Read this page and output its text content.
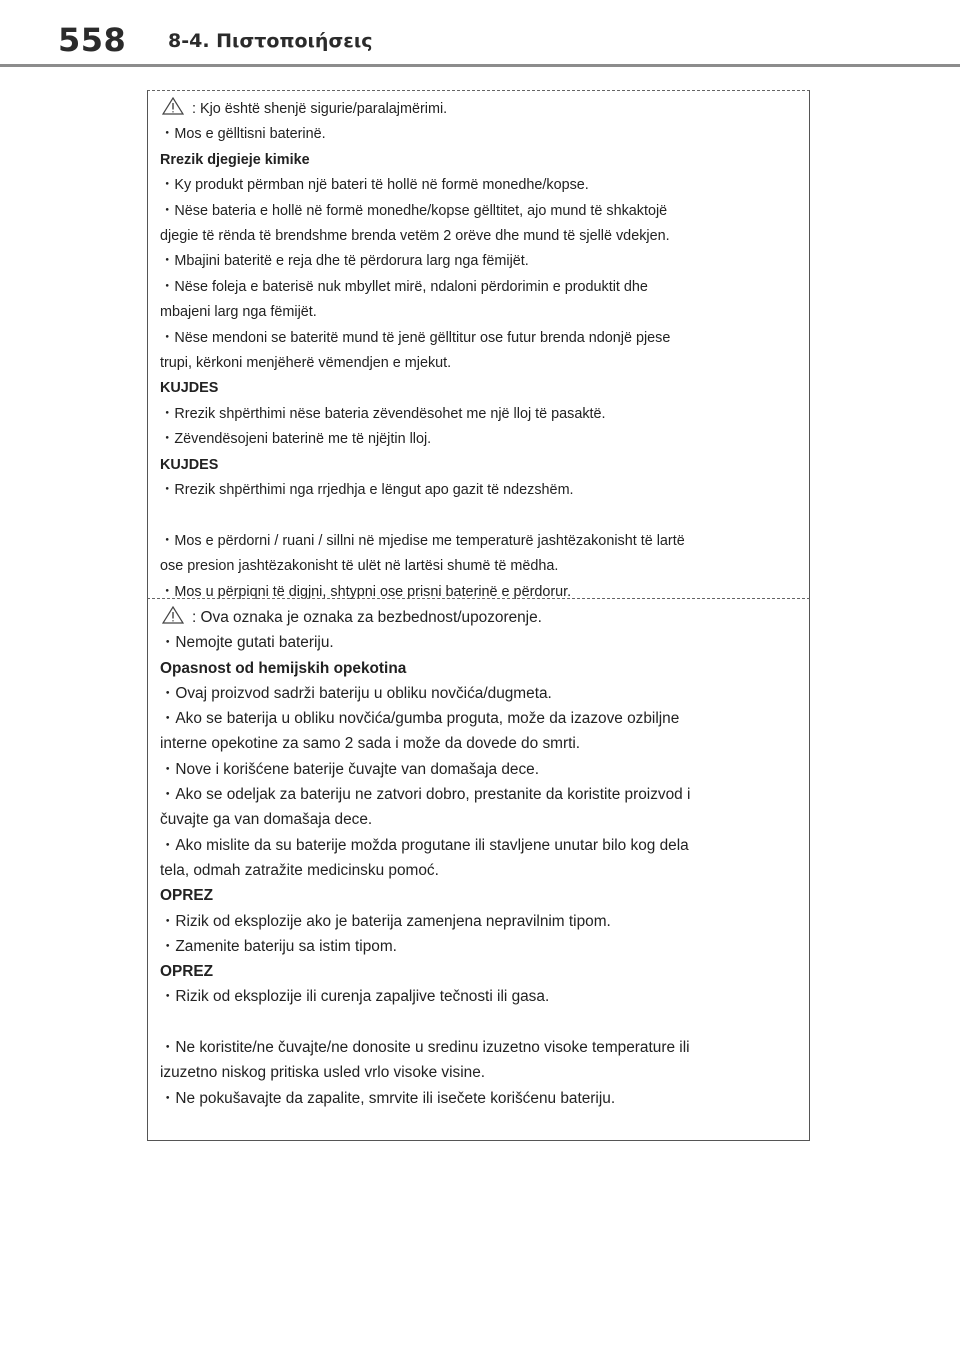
558 8-4. Πιστοποιήσεις
: Kjo është shenjë sigurie/paralajmërimi.
・Mos e gëlltisni baterinë.
Rrezik djegieje kimike
・Ky produkt përmban një bateri të hollë në formë monedhe/kopse.
・Nëse bateria e hollë në formë monedhe/kopse gëlltitet, ajo mund të shkaktojë
djegie të rënda të brendshme brenda vetëm 2 orëve dhe mund të sjellë vdekjen.
・Mbajini bateritë e reja dhe të përdorura larg nga fëmijët.
・Nëse foleja e baterisë nuk mbyllet mirë, ndaloni përdorimin e produktit dhe
mbajeni larg nga fëmijët.
・Nëse mendoni se bateritë mund të jenë gëlltitur ose futur brenda ndonjë pjese
trupi, kërkoni menjëherë vëmendjen e mjekut.
KUJDES
・Rrezik shpërthimi nëse bateria zëvendësohet me një lloj të pasaktë.
・Zëvendësojeni baterinë me të njëjtin lloj.
KUJDES
・Rrezik shpërthimi nga rrjedhja e lëngut apo gazit të ndezshëm.
・Mos e përdorni / ruani / sillni në mjedise me temperaturë jashtëzakonisht të lartë
ose presion jashtëzakonisht të ulët në lartësi shumë të mëdha.
・Mos u përpiqni të digjni, shtypni ose prisni baterinë e përdorur.
: Ova oznaka je oznaka za bezbednost/upozorenje.
・Nemojte gutati bateriju.
Opasnost od hemijskih opekotina
・Ovaj proizvod sadrži bateriju u obliku novčića/dugmeta.
・Ako se baterija u obliku novčića/gumba proguta, može da izazove ozbiljne
interne opekotine za samo 2 sada i može da dovede do smrti.
・Nove i korišćene baterije čuvajte van domašaja dece.
・Ako se odeljak za bateriju ne zatvori dobro, prestanite da koristite proizvod i
čuvajte ga van domašaja dece.
・Ako mislite da su baterije možda progutane ili stavljene unutar bilo kog dela
tela, odmah zatražite medicinsku pomoć.
OPREZ
・Rizik od eksplozije ako je baterija zamenjena nepravilnim tipom.
・Zamenite bateriju sa istim tipom.
OPREZ
・Rizik od eksplozije ili curenja zapaljive tečnosti ili gasa.
・Ne koristite/ne čuvajte/ne donosite u sredinu izuzetno visoke temperature ili
izuzetno niskog pritiska usled vrlo visoke visine.
・Ne pokušavajte da zapalite, smrvite ili isečete korišćenu bateriju.
